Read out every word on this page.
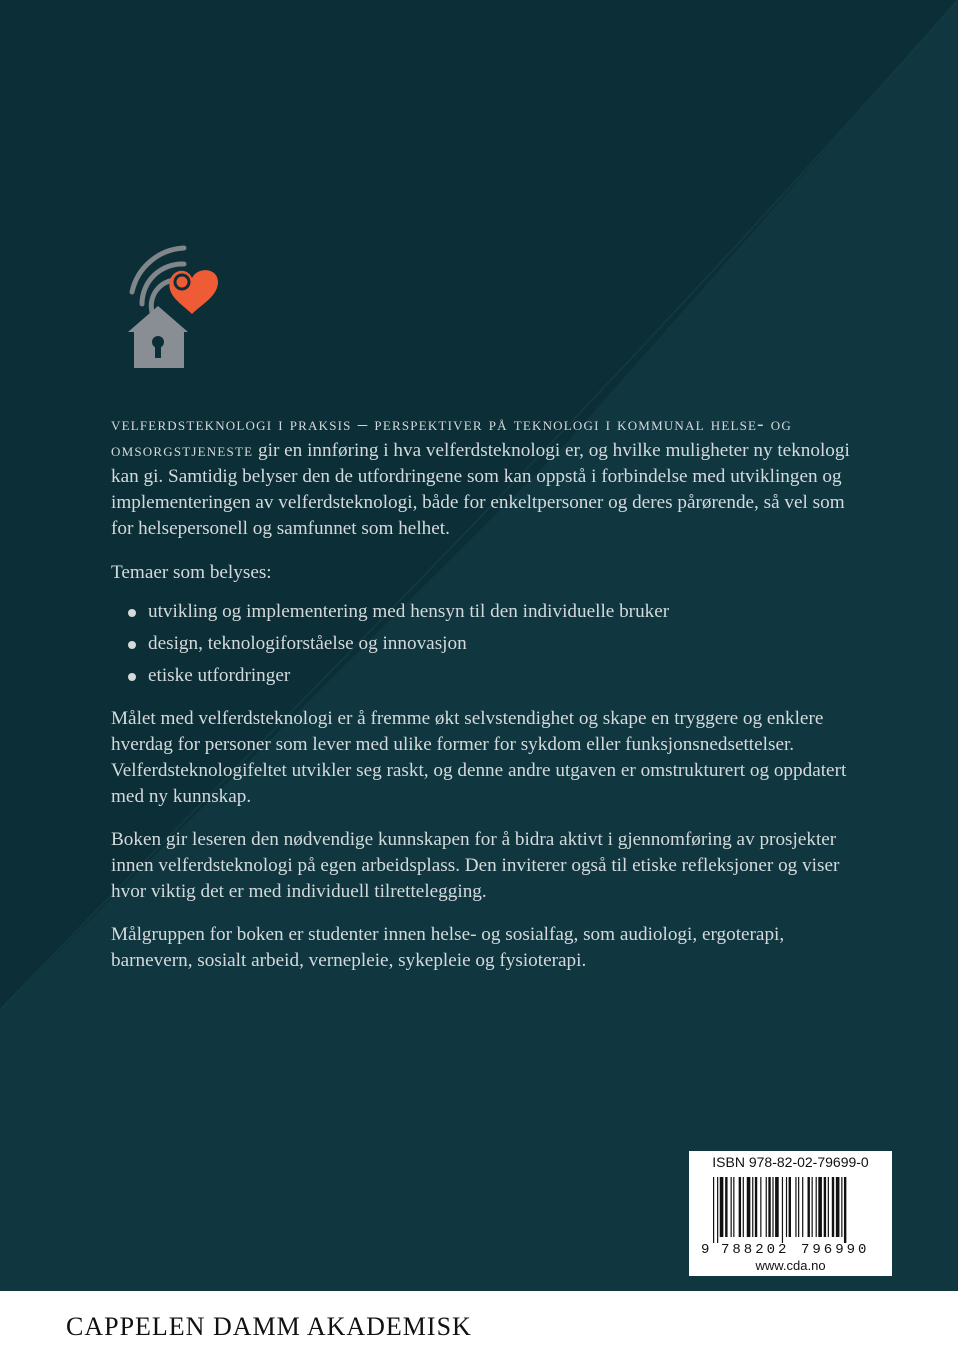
velferdsteknologi i praksis – perspektiver på teknologi i kommunal helse- og omsorgstjeneste gir en innføring i hva velferdsteknologi er, og hvilke muligheter ny teknologi kan gi. Samtidig belyser den de utfordringene som kan oppstå i forbindelse med utviklingen og implementeringen av velferdsteknologi, både for enkeltpersoner og deres pårørende, så vel som for helsepersonell og samfunnet som helhet.

Temaer som belyses:

utvikling og implementering med hensyn til den individuelle bruker
design, teknologiforståelse og innovasjon
etiske utfordringer

Målet med velferdsteknologi er å fremme økt selvstendighet og skape en tryggere og enklere hverdag for personer som lever med ulike former for sykdom eller funksjonsnedsettelser. Velferdsteknologifeltet utvikler seg raskt, og denne andre utgaven er omstrukturert og oppdatert med ny kunnskap.

Boken gir leseren den nødvendige kunnskapen for å bidra aktivt i gjennomføring av prosjekter innen velferdsteknologi på egen arbeidsplass. Den inviterer også til etiske refleksjoner og viser hvor viktig det er med individuell tilrettelegging.

Målgruppen for boken er studenter innen helse- og sosialfag, som audiologi, ergoterapi, barnevern, sosialt arbeid, vernepleie, sykepleie og fysioterapi.

ISBN 978-82-02-79699-0
9 788202 796990
www.cda.no
CAPPELEN DAMM AKADEMISK
